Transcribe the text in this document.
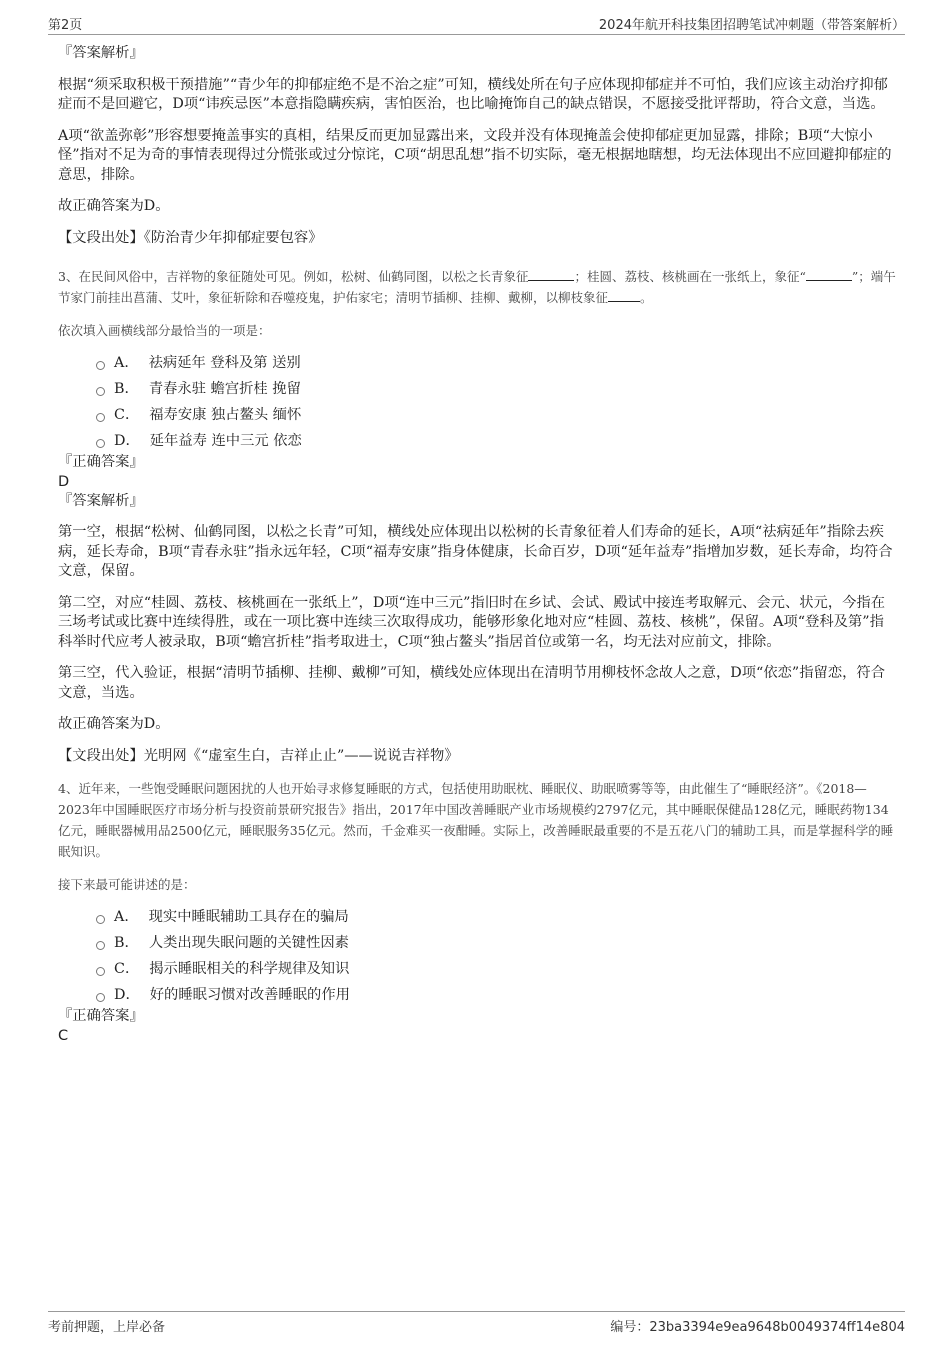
第2页	2024年航开科技集团招聘笔试冲刺题（带答案解析）

『答案解析』

根据“须采取积极干预措施”“青少年的抑郁症绝不是不治之症”可知，横线处所在句子应体现抑郁症并不可怕，我们应该主动治疗抑郁症而不是回避它，D项“讳疾忌医”本意指隐瞒疾病，害怕医治，也比喻掩饰自己的缺点错误，不愿接受批评帮助，符合文意，当选。

A项“欲盖弥彰”形容想要掩盖事实的真相，结果反而更加显露出来，文段并没有体现掩盖会使抑郁症更加显露，排除；B项“大惊小怪”指对不足为奇的事情表现得过分慌张或过分惊诧，C项“胡思乱想”指不切实际，毫无根据地瞎想，均无法体现出不应回避抑郁症的意思，排除。

故正确答案为D。

【文段出处】《防治青少年抑郁症要包容》

3、在民间风俗中，吉祥物的象征随处可见。例如，松树、仙鹤同图，以松之长青象征	；桂圆、荔枝、核桃画在一张纸上，象征“	”；端午节家门前挂出菖蒲、艾叶，象征斩除和吞噬疫鬼，护佑家宅；清明节插柳、挂柳、戴柳，以柳枝象征	。

依次填入画横线部分最恰当的一项是：

A． 祛病延年 登科及第 送别
B． 青春永驻 蟾宫折桂 挽留
C． 福寿安康 独占鳌头 缅怀
D． 延年益寿 连中三元 依恋

『正确答案』

D

『答案解析』

第一空，根据“松树、仙鹤同图，以松之长青”可知，横线处应体现出以松树的长青象征着人们寿命的延长，A项“祛病延年”指除去疾病，延长寿命，B项“青春永驻”指永远年轻，C项“福寿安康”指身体健康，长命百岁，D项“延年益寿”指增加岁数，延长寿命，均符合文意，保留。

第二空，对应“桂圆、荔枝、核桃画在一张纸上”，D项“连中三元”指旧时在乡试、会试、殿试中接连考取解元、会元、状元，今指在三场考试或比赛中连续得胜，或在一项比赛中连续三次取得成功，能够形象化地对应“桂圆、荔枝、核桃”，保留。A项“登科及第”指科举时代应考人被录取，B项“蟾宫折桂”指考取进士，C项“独占鳌头”指居首位或第一名，均无法对应前文，排除。

第三空，代入验证，根据“清明节插柳、挂柳、戴柳”可知，横线处应体现出在清明节用柳枝怀念故人之意，D项“依恋”指留恋，符合文意，当选。

故正确答案为D。

【文段出处】光明网《“虚室生白，吉祥止止”——说说吉祥物》

4、近年来，一些饱受睡眠问题困扰的人也开始寻求修复睡眠的方式，包括使用助眠枕、睡眠仪、助眠喷雾等等，由此催生了“睡眠经济”。《2018—2023年中国睡眠医疗市场分析与投资前景研究报告》指出，2017年中国改善睡眠产业市场规模约2797亿元，其中睡眠保健品128亿元，睡眠药物134亿元，睡眠器械用品2500亿元，睡眠服务35亿元。然而，千金难买一夜酣睡。实际上，改善睡眠最重要的不是五花八门的辅助工具，而是掌握科学的睡眠知识。

接下来最可能讲述的是：

A． 现实中睡眠辅助工具存在的骗局
B． 人类出现失眠问题的关键性因素
C． 揭示睡眠相关的科学规律及知识
D． 好的睡眠习惯对改善睡眠的作用

『正确答案』

C

考前押题，上岸必备	编号：23ba3394e9ea9648b0049374ff14e804
